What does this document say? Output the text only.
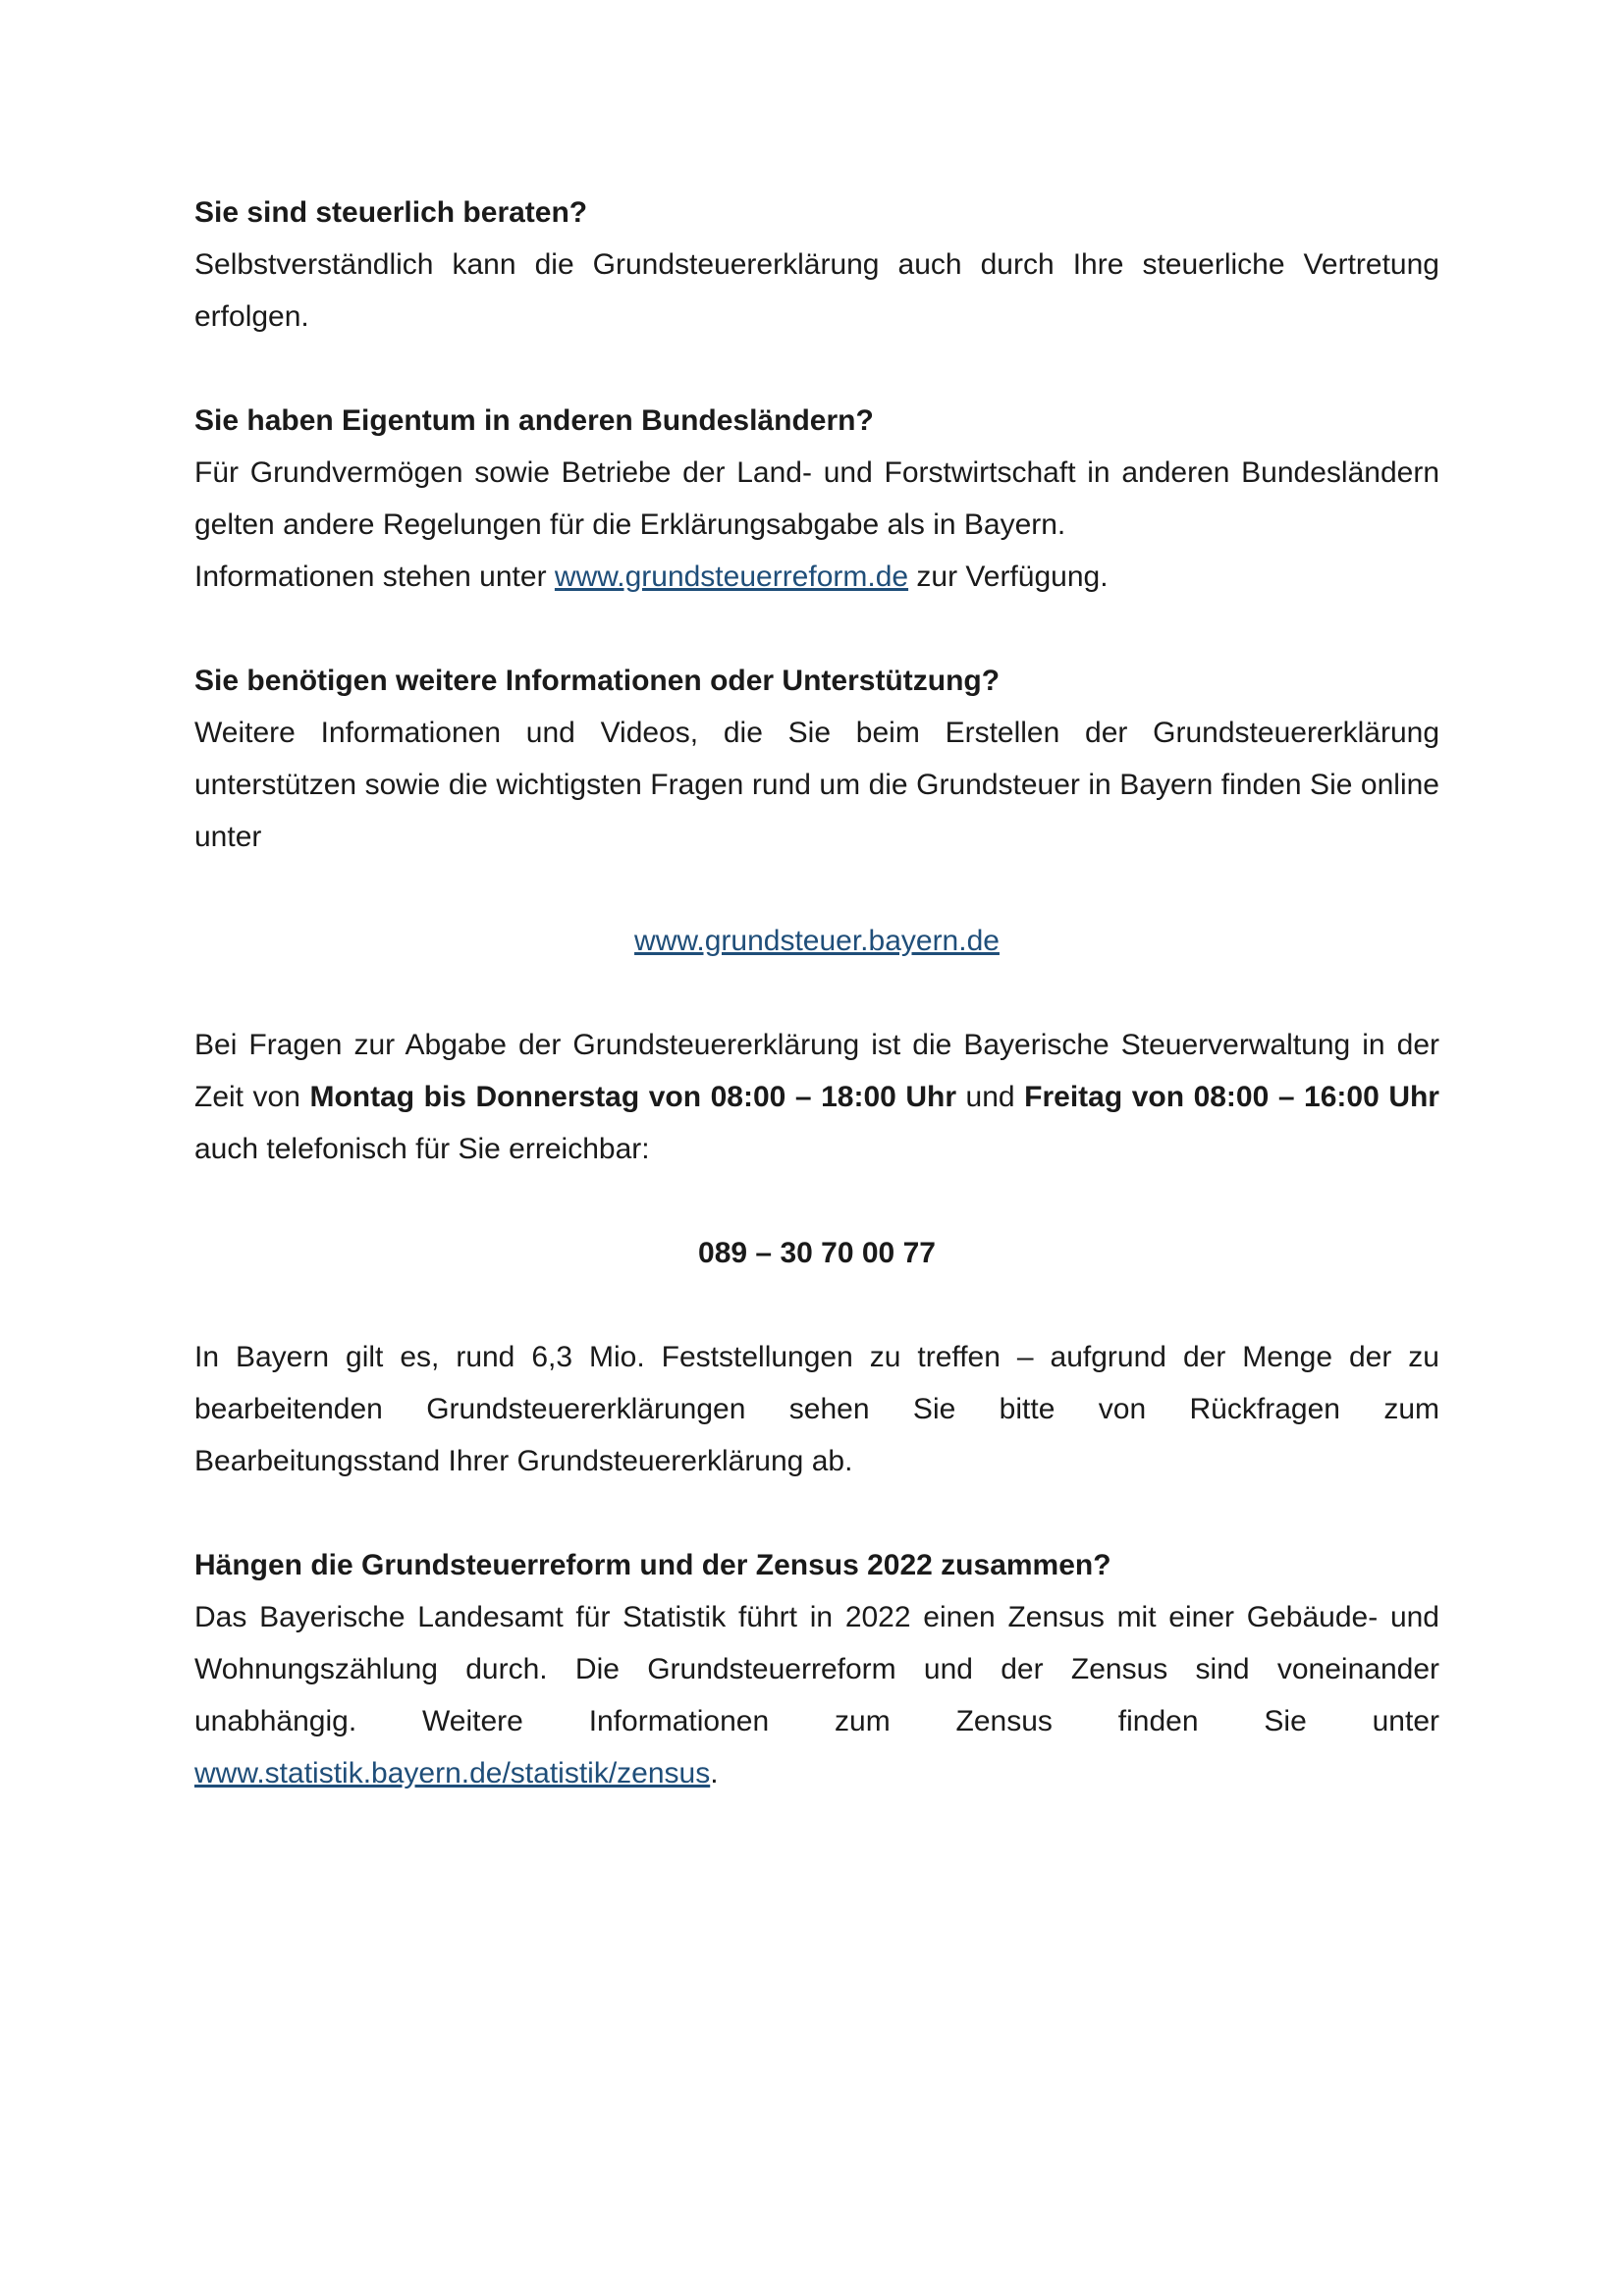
Sie sind steuerlich beraten?

Selbstverständlich kann die Grundsteuererklärung auch durch Ihre steuerliche Vertretung erfolgen.

Sie haben Eigentum in anderen Bundesländern?

Für Grundvermögen sowie Betriebe der Land- und Forstwirtschaft in anderen Bundesländern gelten andere Regelungen für die Erklärungsabgabe als in Bayern.

Informationen stehen unter www.grundsteuerreform.de zur Verfügung.

Sie benötigen weitere Informationen oder Unterstützung?

Weitere Informationen und Videos, die Sie beim Erstellen der Grundsteuererklärung unterstützen sowie die wichtigsten Fragen rund um die Grundsteuer in Bayern finden Sie online unter

www.grundsteuer.bayern.de

Bei Fragen zur Abgabe der Grundsteuererklärung ist die Bayerische Steuerverwaltung in der Zeit von Montag bis Donnerstag von 08:00 – 18:00 Uhr und Freitag von 08:00 – 16:00 Uhr auch telefonisch für Sie erreichbar:

089 – 30 70 00 77

In Bayern gilt es, rund 6,3 Mio. Feststellungen zu treffen – aufgrund der Menge der zu bearbeitenden Grundsteuererklärungen sehen Sie bitte von Rückfragen zum Bearbeitungsstand Ihrer Grundsteuererklärung ab.

Hängen die Grundsteuerreform und der Zensus 2022 zusammen?

Das Bayerische Landesamt für Statistik führt in 2022 einen Zensus mit einer Gebäude- und Wohnungszählung durch. Die Grundsteuerreform und der Zensus sind voneinander unabhängig. Weitere Informationen zum Zensus finden Sie unter www.statistik.bayern.de/statistik/zensus.
